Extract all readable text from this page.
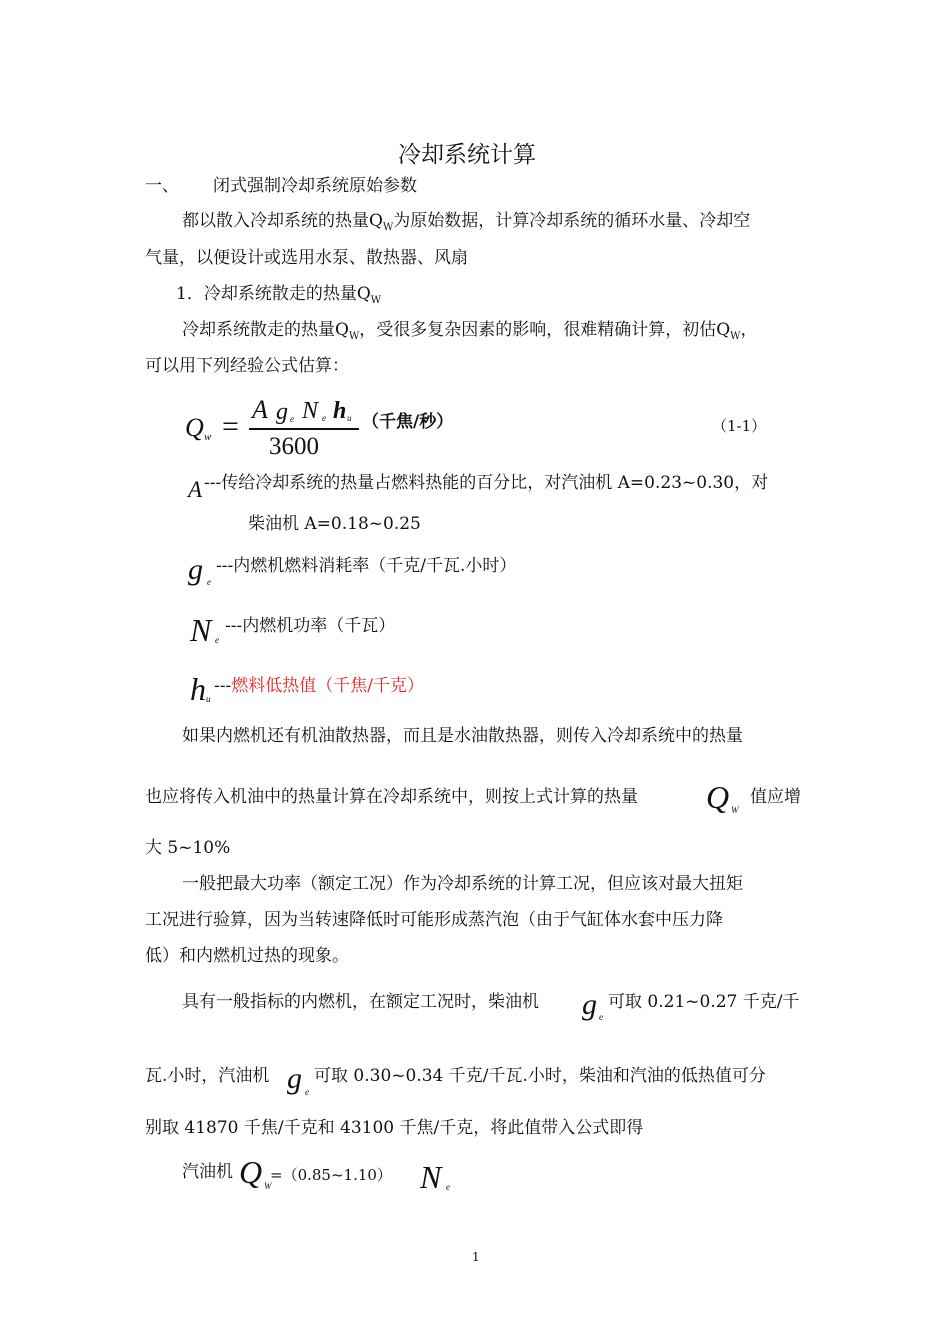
冷却系统计算
一、 闭式强制冷却系统原始参数
都以散入冷却系统的热量$Q_W$为原始数据，计算冷却系统的循环水量、冷却空
气量，以便设计或选用水泵、散热器、风扇
1．冷却系统散走的热量$Q_W$
冷却系统散走的热量$Q_W$，受很多复杂因素的影响，很难精确计算，初估$Q_W$，
可以用下列经验公式估算：
Q w =
A g e N e h u
3600
（千焦/秒）	（1-1）
A ---传给冷却系统的热量占燃料热能的百分比，对汽油机 A=0.23~0.30，对
柴油机 A=0.18~0.25
g e
---内燃机燃料消耗率（千克/千瓦.小时）
N e
---内燃机功率（千瓦）
h u
---燃料低热值（千焦/千克）
如果内燃机还有机油散热器，而且是水油散热器，则传入冷却系统中的热量
也应将传入机油中的热量计算在冷却系统中，则按上式计算的热量 Q W
值应增
大 5~10%
一般把最大功率（额定工况）作为冷却系统的计算工况，但应该对最大扭矩
工况进行验算，因为当转速降低时可能形成蒸汽泡（由于气缸体水套中压力降
低）和内燃机过热的现象。
具有一般指标的内燃机，在额定工况时，柴油机 g e
可取 0.21~0.27 千克/千
瓦.小时，汽油机 g e
可取 0.30~0.34 千克/千瓦.小时，柴油和汽油的低热值可分
别取 41870 千焦/千克和 43100 千焦/千克，将此值带入公式即得
汽油机 Q W
=（0.85~1.10） N e
1
